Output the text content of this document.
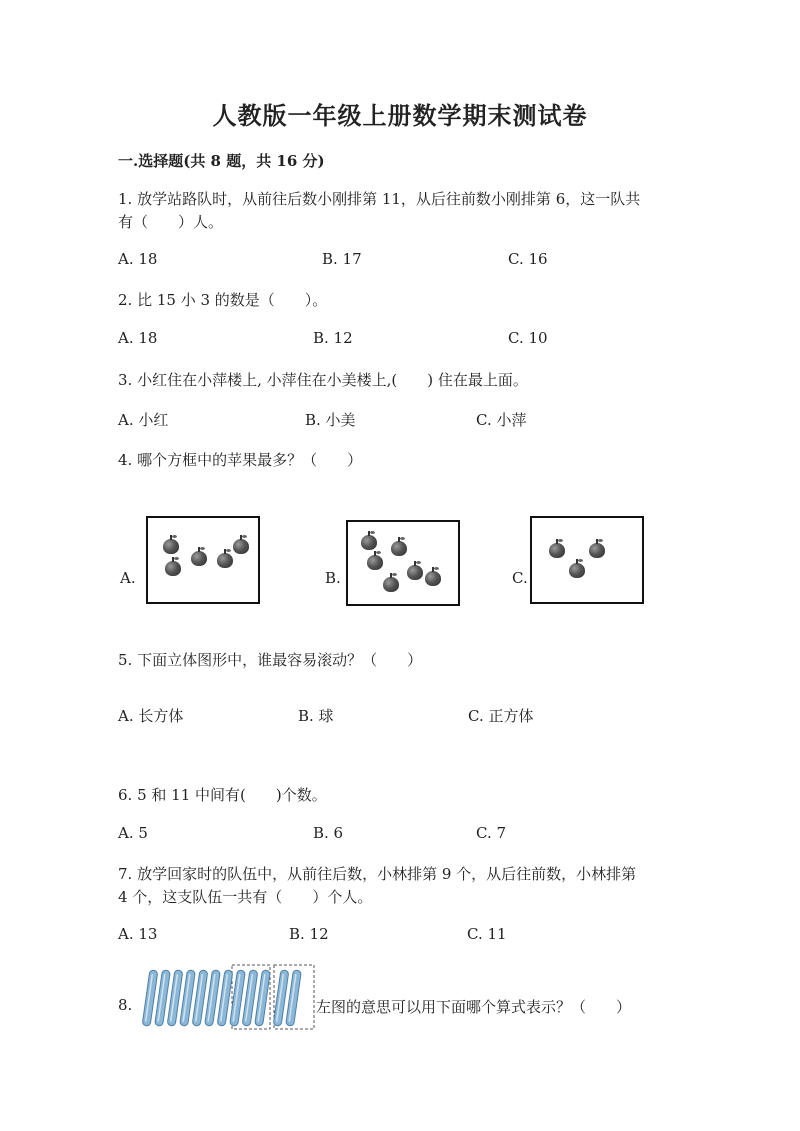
人教版一年级上册数学期末测试卷
一.选择题(共 8 题，共 16 分)
1. 放学站路队时，从前往后数小刚排第 11，从后往前数小刚排第 6，这一队共
有（　　）人。
A. 18	B. 17	C. 16
2. 比 15 小 3 的数是（　　）。
A. 18	B. 12	C. 10
3. 小红住在小萍楼上, 小萍住在小美楼上,(　　) 住在最上面。
A. 小红	B. 小美	C. 小萍
4. 哪个方框中的苹果最多？（　　）
A.	B.	C.
5. 下面立体图形中，谁最容易滚动？（　　）
A. 长方体	B. 球	C. 正方体
6. 5 和 11 中间有(　　)个数。
A. 5	B. 6	C. 7
7. 放学回家时的队伍中，从前往后数，小林排第 9 个，从后往前数，小林排第
4 个，这支队伍一共有（　　）个人。
A. 13	B. 12	C. 11
8.	左图的意思可以用下面哪个算式表示？（　　）
